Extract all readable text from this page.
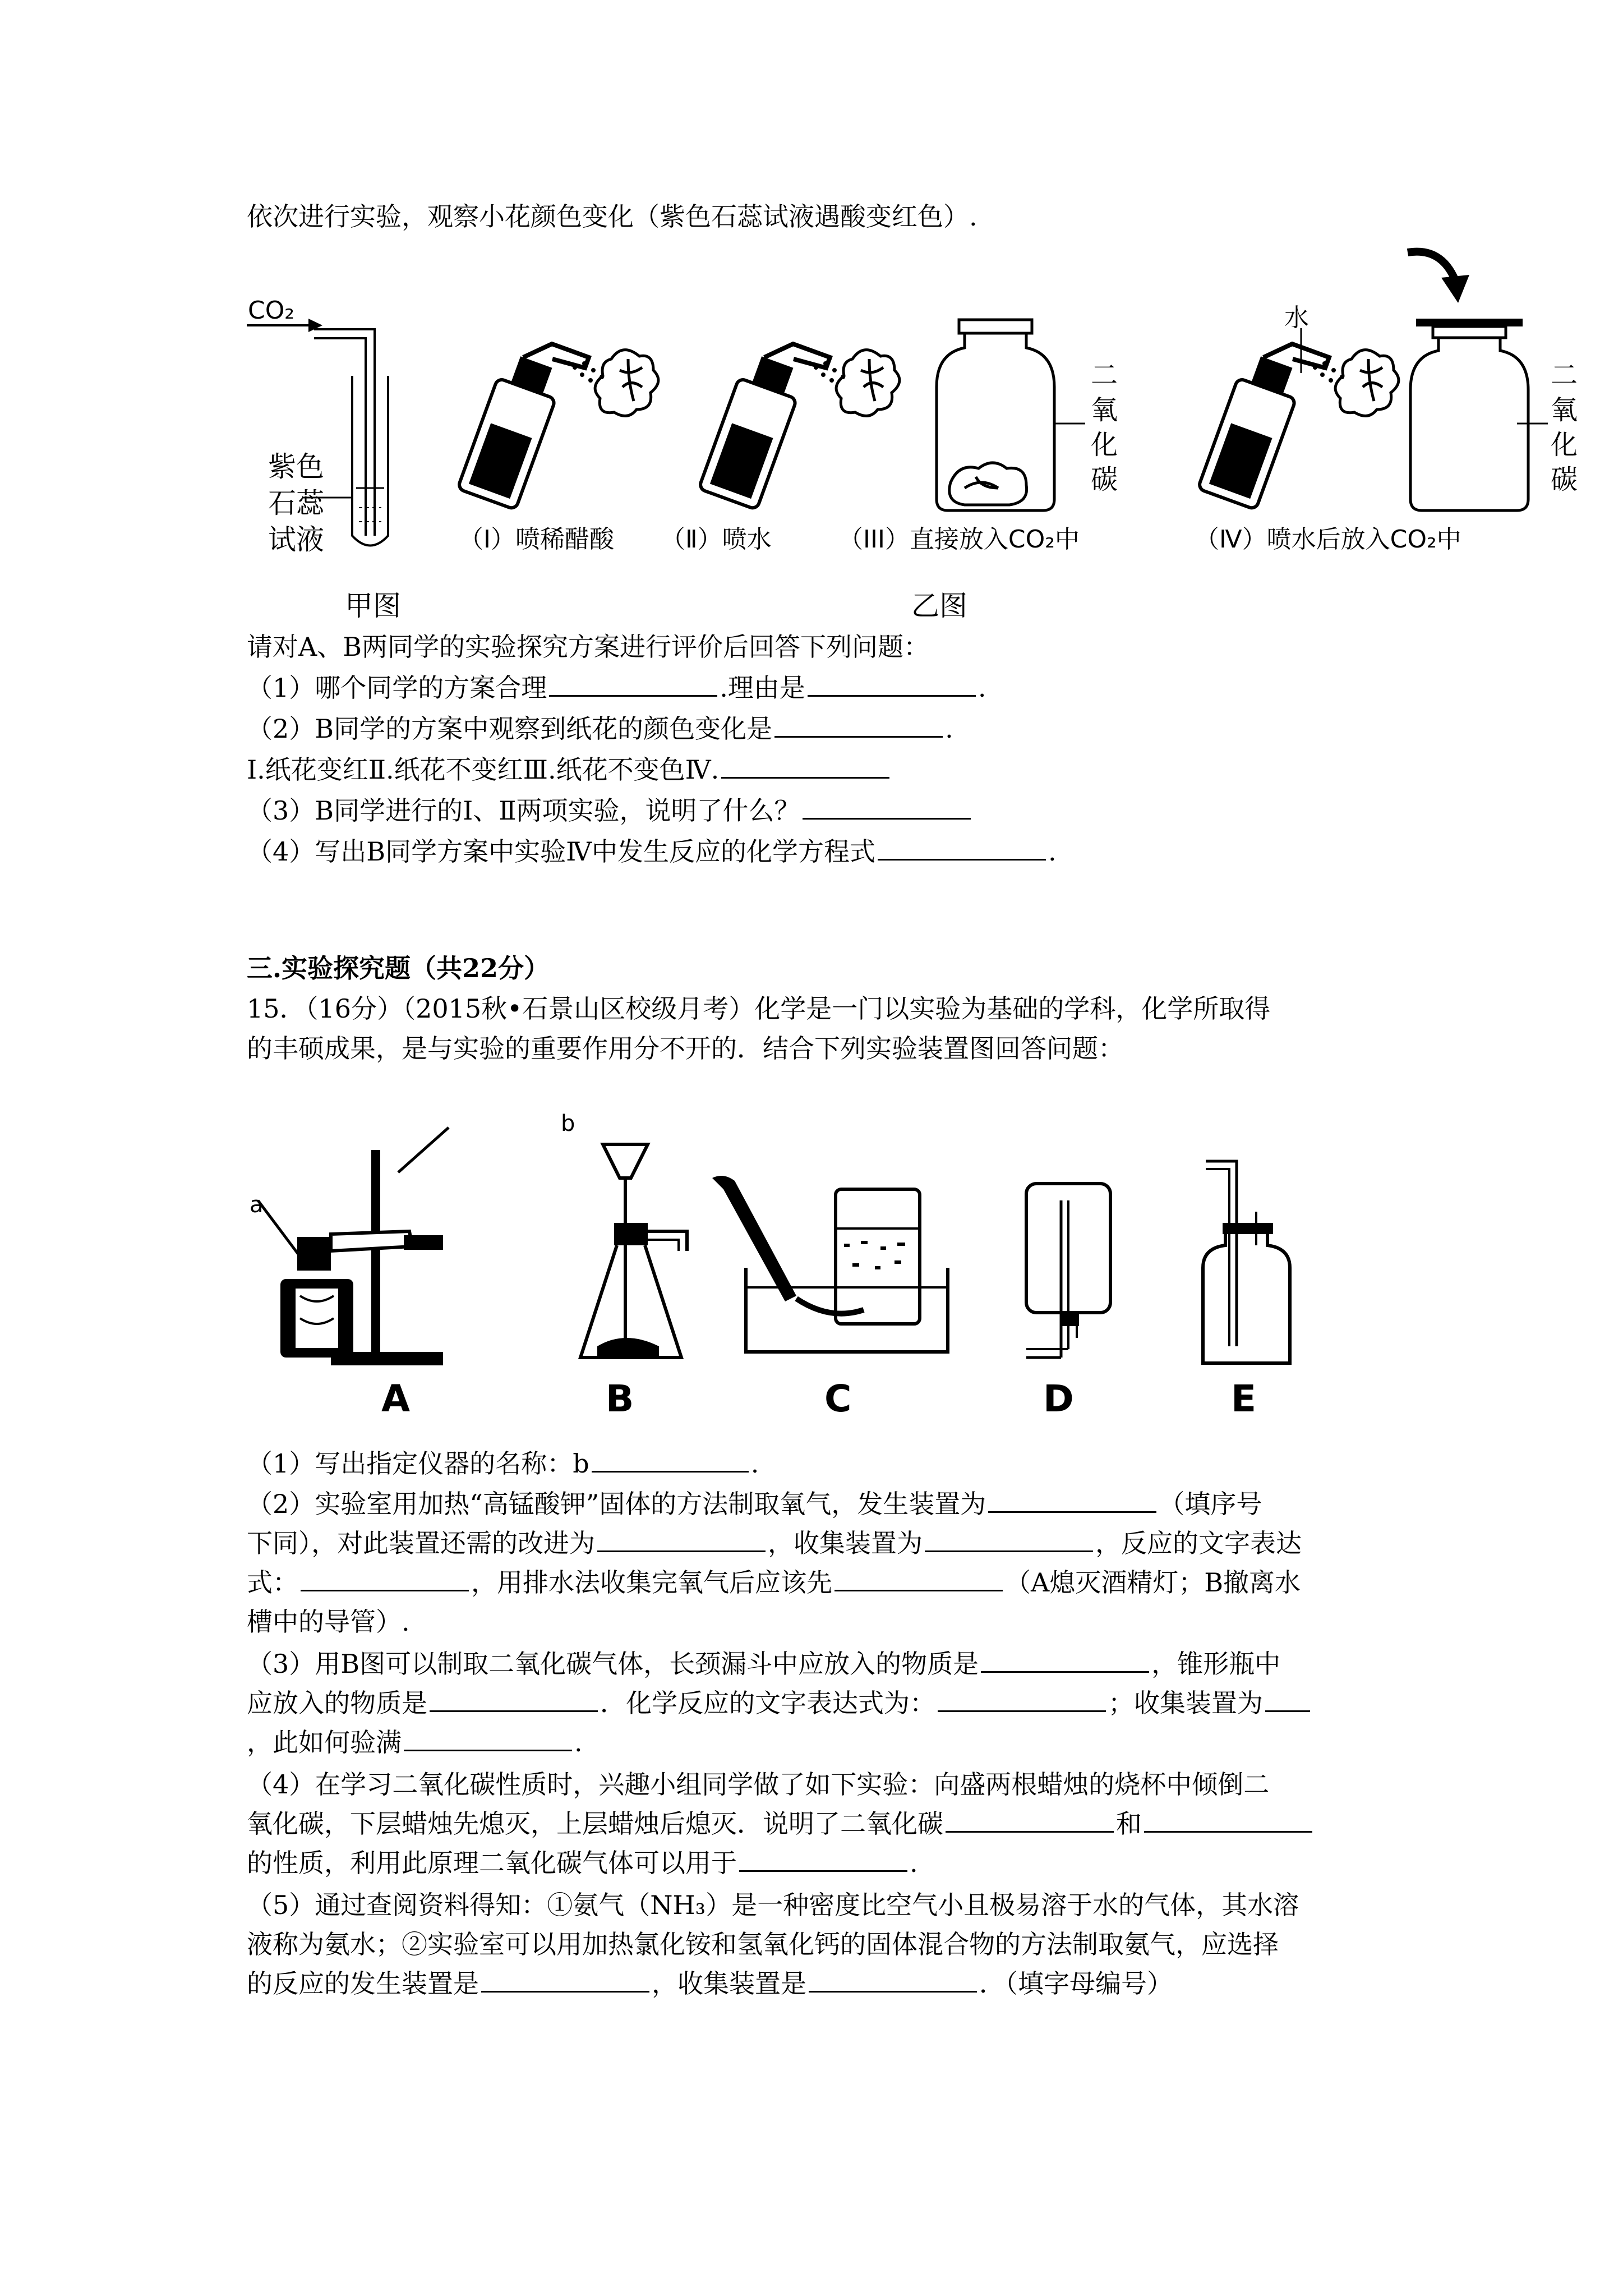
依次进行实验，观察小花颜色变化（紫色石蕊试液遇酸变红色）.
CO₂
紫色
石蕊
试液	（I）喷稀醋酸 （Ⅱ）喷水
二
氧
化
碳
（III）直接放入CO₂中
水
二
氧
化
碳
（Ⅳ）喷水后放入CO₂中
甲图	乙图
请对A、B两同学的实验探究方案进行评价后回答下列问题：
（1）哪个同学的方案合理	.理由是	.
（2）B同学的方案中观察到纸花的颜色变化是	.
Ⅰ.纸花变红Ⅱ.纸花不变红Ⅲ.纸花不变色Ⅳ.
（3）B同学进行的Ⅰ、Ⅱ两项实验，说明了什么？
（4）写出B同学方案中实验Ⅳ中发生反应的化学方程式	.
三.实验探究题（共22分）
15．（16分）（2015秋•石景山区校级月考）化学是一门以实验为基础的学科，化学所取得
的丰硕成果，是与实验的重要作用分不开的．结合下列实验装置图回答问题：
a
A	B
b
C	D	E
（1）写出指定仪器的名称：b	.
（2）实验室用加热“高锰酸钾”固体的方法制取氧气，发生装置为	（填序号
下同），对此装置还需的改进为	，收集装置为	，反应的文字表达
式：	，用排水法收集完氧气后应该先	（A熄灭酒精灯；B撤离水
槽中的导管）.
（3）用B图可以制取二氧化碳气体，长颈漏斗中应放入的物质是	，锥形瓶中
应放入的物质是	．化学反应的文字表达式为：	；收集装置为
，此如何验满	.
（4）在学习二氧化碳性质时，兴趣小组同学做了如下实验：向盛两根蜡烛的烧杯中倾倒二
氧化碳，下层蜡烛先熄灭，上层蜡烛后熄灭．说明了二氧化碳	和
的性质，利用此原理二氧化碳气体可以用于	.
（5）通过查阅资料得知：①氨气（NH₃）是一种密度比空气小且极易溶于水的气体，其水溶
液称为氨水；②实验室可以用加热氯化铵和氢氧化钙的固体混合物的方法制取氨气，应选择
的反应的发生装置是	，收集装置是	．（填字母编号）
